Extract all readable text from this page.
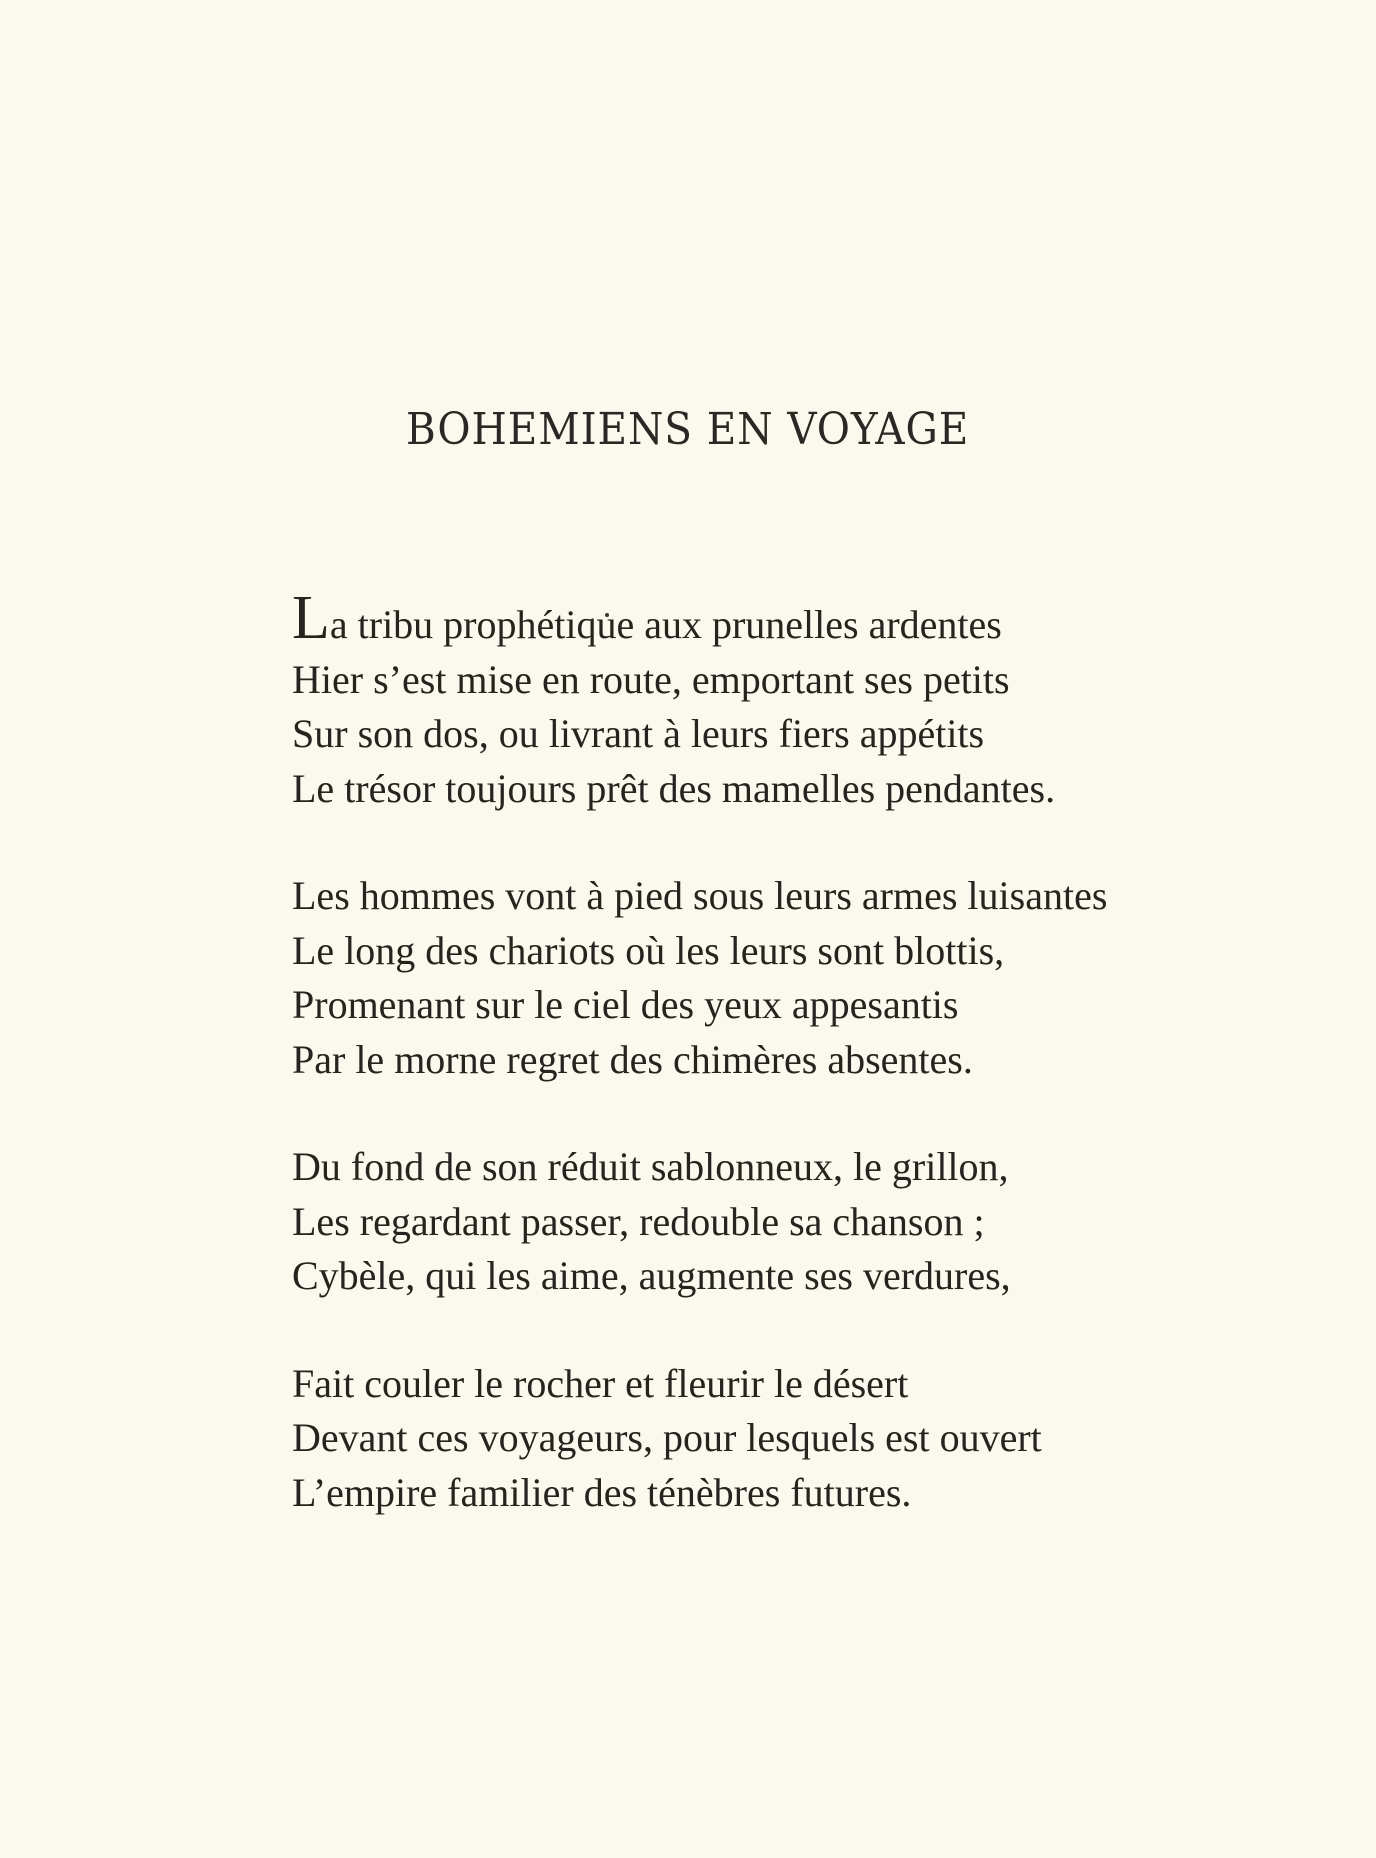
BOHEMIENS EN VOYAGE
La tribu prophétique aux prunelles ardentes
Hier s’est mise en route, emportant ses petits
Sur son dos, ou livrant à leurs fiers appétits
Le trésor toujours prêt des mamelles pendantes.
Les hommes vont à pied sous leurs armes luisantes
Le long des chariots où les leurs sont blottis,
Promenant sur le ciel des yeux appesantis
Par le morne regret des chimères absentes.
Du fond de son réduit sablonneux, le grillon,
Les regardant passer, redouble sa chanson ;
Cybèle, qui les aime, augmente ses verdures,
Fait couler le rocher et fleurir le désert
Devant ces voyageurs, pour lesquels est ouvert
L’empire familier des ténèbres futures.
